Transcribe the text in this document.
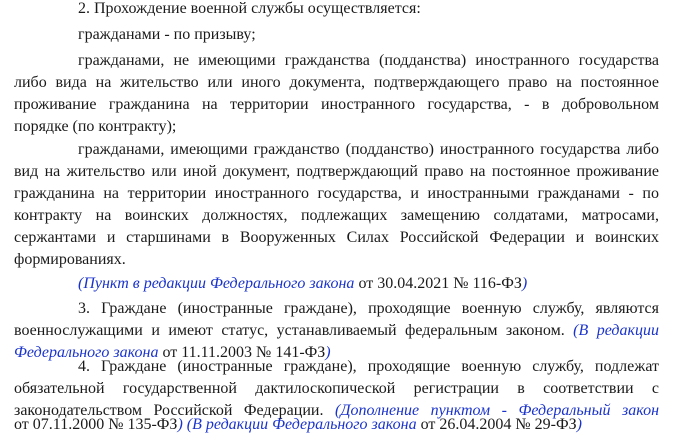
2. Прохождение военной службы осуществляется:
гражданами - по призыву;
гражданами, не имеющими гражданства (подданства) иностранного государства
либо вида на жительство или иного документа, подтверждающего право на постоянное
проживание гражданина на территории иностранного государства, - в добровольном
порядке (по контракту);
гражданами, имеющими гражданство (подданство) иностранного государства либо
вид на жительство или иной документ, подтверждающий право на постоянное проживание
гражданина на территории иностранного государства, и иностранными гражданами - по
контракту на воинских должностях, подлежащих замещению солдатами, матросами,
сержантами и старшинами в Вооруженных Силах Российской Федерации и воинских
формированиях.
(Пункт в редакции Федерального закона от 30.04.2021 № 116-ФЗ)
3. Граждане (иностранные граждане), проходящие военную службу, являются
военнослужащими и имеют статус, устанавливаемый федеральным законом. (В редакции
Федерального закона от 11.11.2003 № 141-ФЗ)
4. Граждане (иностранные граждане), проходящие военную службу, подлежат
обязательной государственной дактилоскопической регистрации в соответствии с
законодательством Российской Федерации. (Дополнение пунктом - Федеральный закон
от 07.11.2000 № 135-ФЗ) (В редакции Федерального закона от 26.04.2004 № 29-ФЗ)
